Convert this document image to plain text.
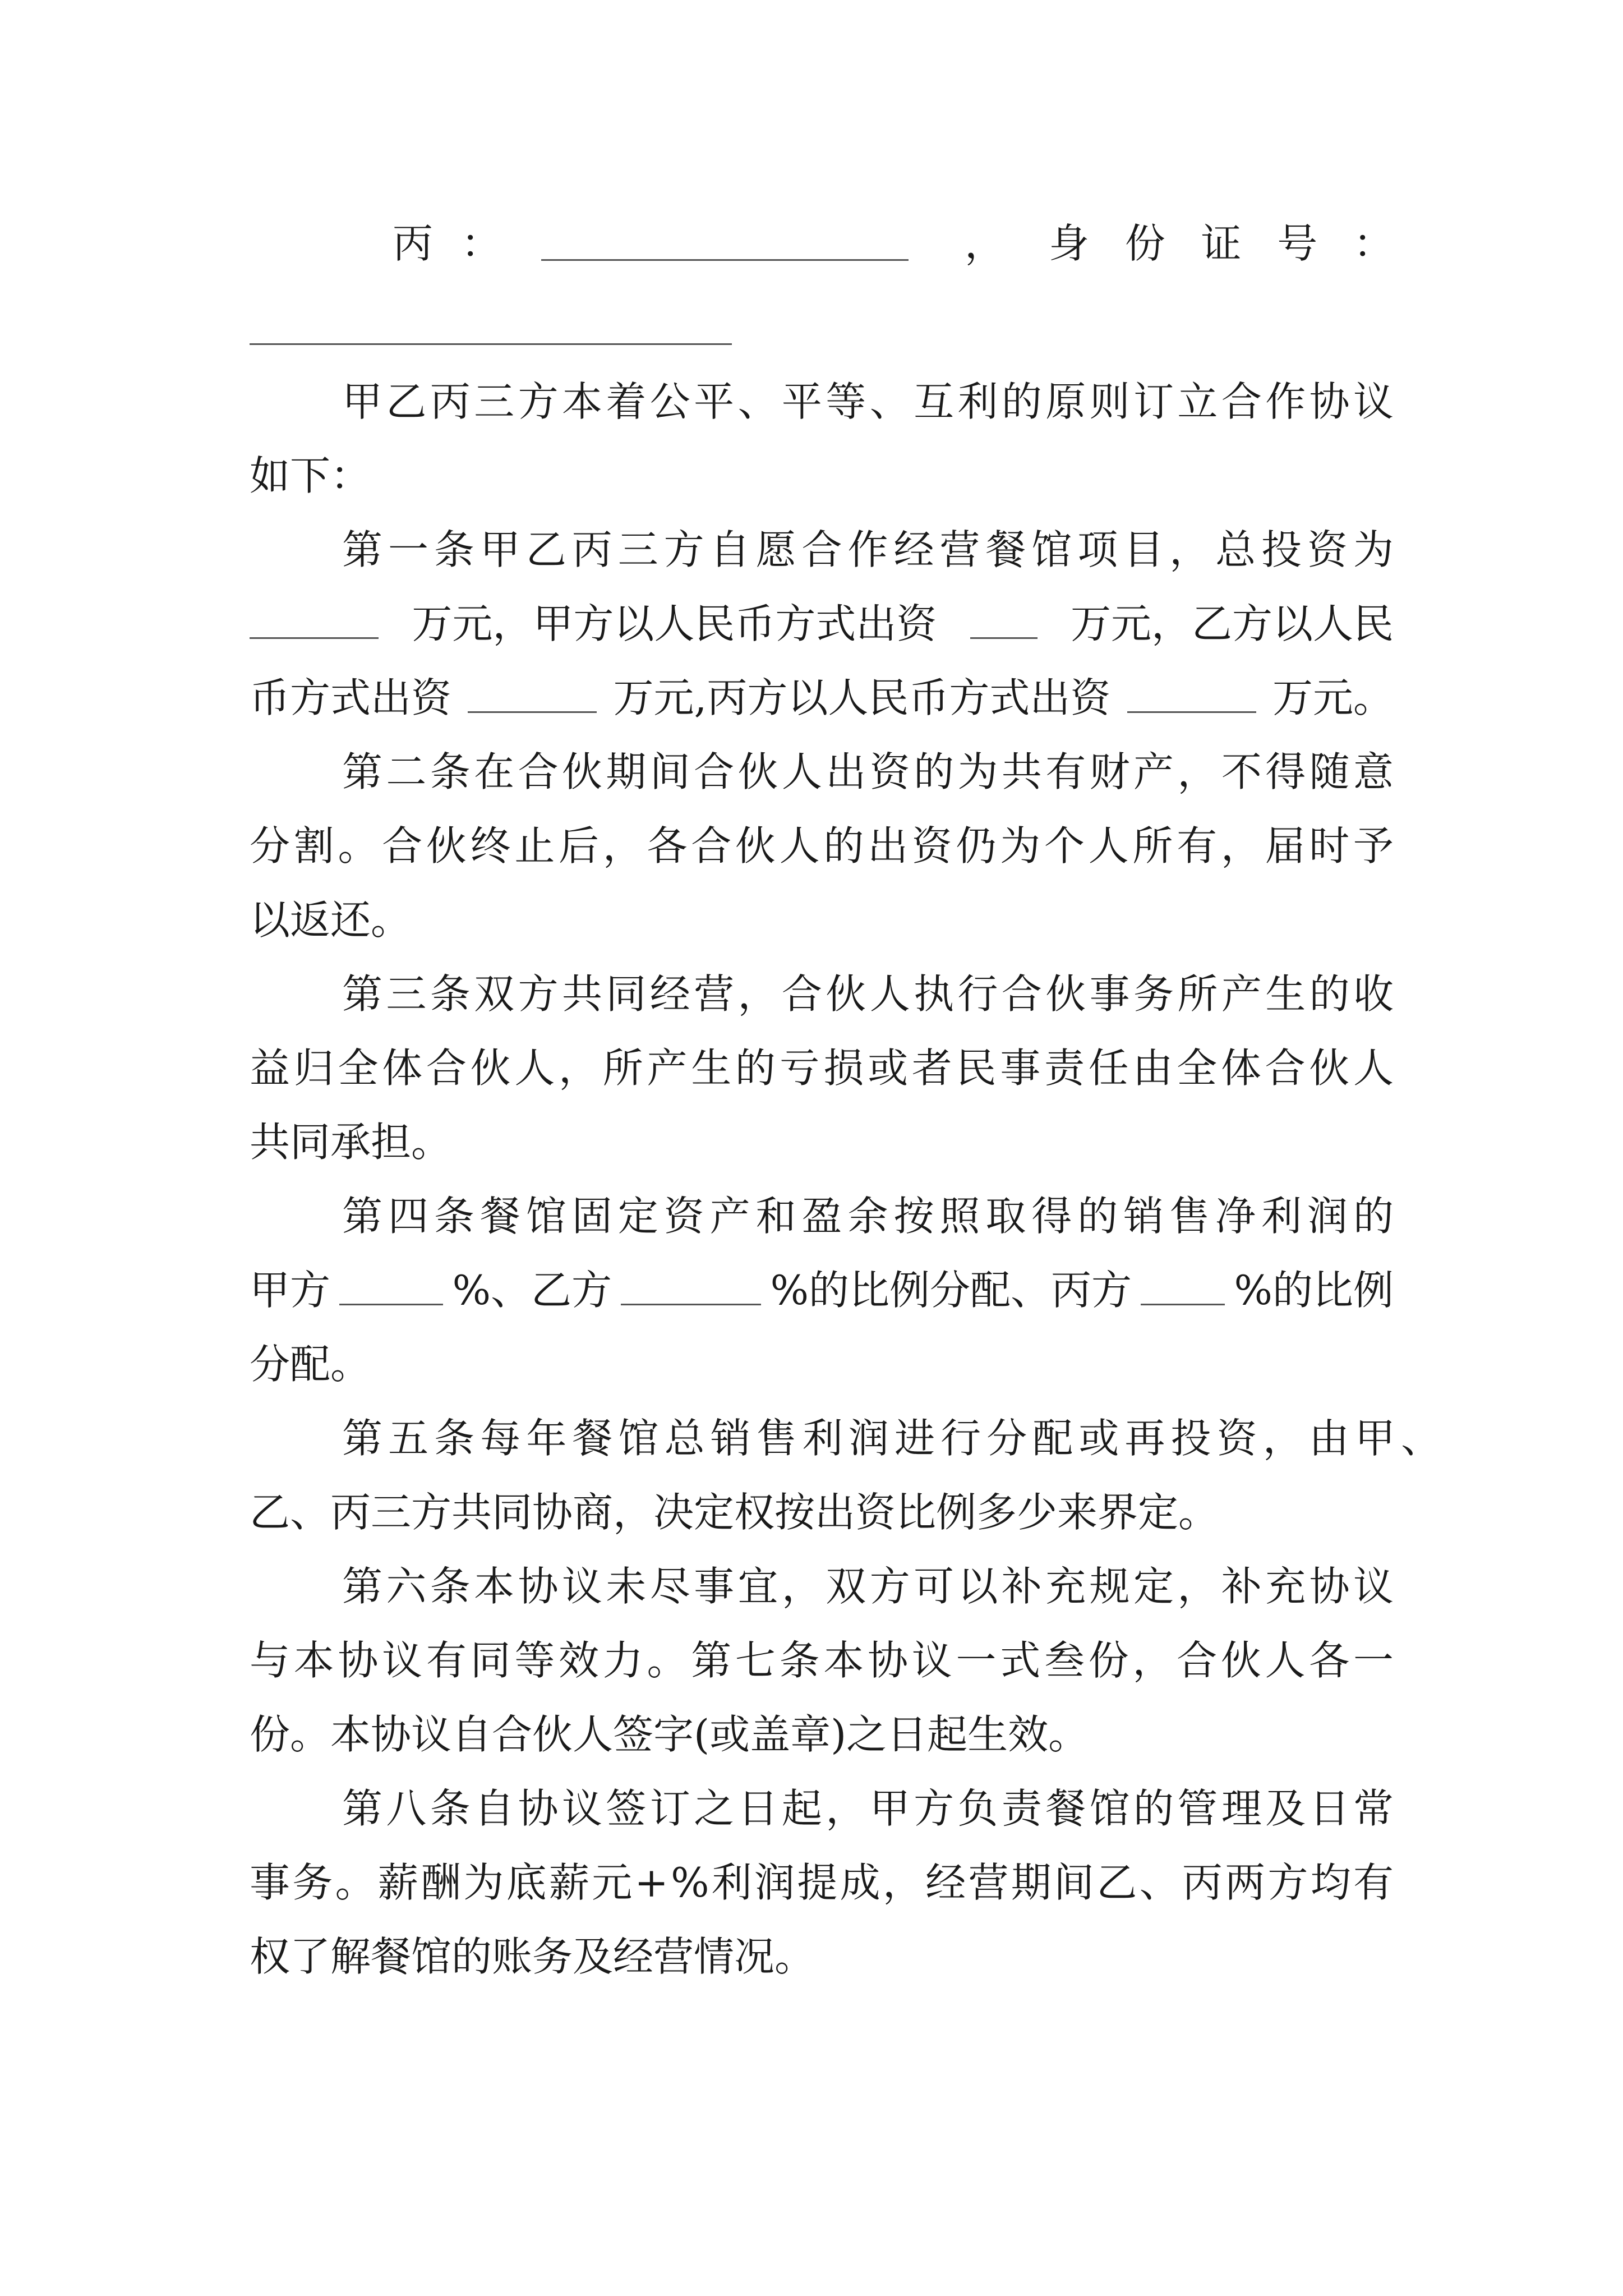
丙 ：	， 身 份 证 号 ：
甲乙丙三方本着公平、平等、互利的原则订立合作协议
如下：
第一条甲乙丙三方自愿合作经营餐馆项目，总投资为
万元，甲方以人民币方式出资	万元，乙方以人民
币方式出资	万元,丙方以人民币方式出资	万元。
第二条在合伙期间合伙人出资的为共有财产，不得随意
分割。合伙终止后，各合伙人的出资仍为个人所有，届时予
以返还。
第三条双方共同经营，合伙人执行合伙事务所产生的收
益归全体合伙人，所产生的亏损或者民事责任由全体合伙人
共同承担。
第四条餐馆固定资产和盈余按照取得的销售净利润的
甲方	%、乙方	%的比例分配、丙方	%的比例
分配。
第五条每年餐馆总销售利润进行分配或再投资，由甲、
乙、丙三方共同协商，决定权按出资比例多少来界定。
第六条本协议未尽事宜，双方可以补充规定，补充协议
与本协议有同等效力。第七条本协议一式叁份，合伙人各一
份。本协议自合伙人签字(或盖章)之日起生效。
第八条自协议签订之日起，甲方负责餐馆的管理及日常
事务。薪酬为底薪元+%利润提成，经营期间乙、丙两方均有
权了解餐馆的账务及经营情况。
